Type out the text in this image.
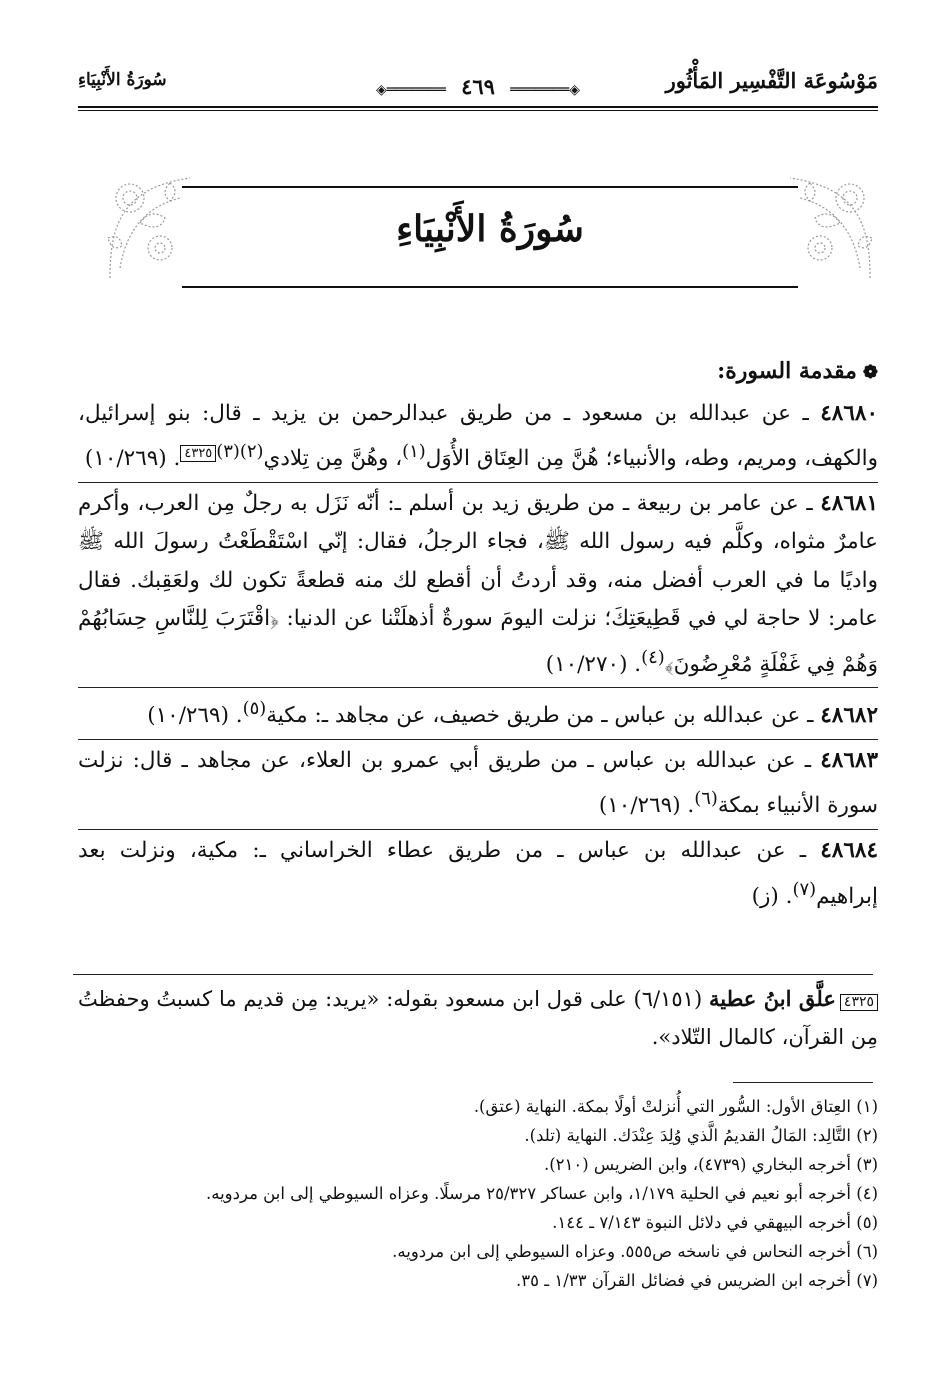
مَوْسُوعَة التَّفْسِير المَأْثُور
◈═══════ ٤٦٩ ═══════◈
سُورَةُ الأَنْبِيَاءِ
سُورَةُ الأَنْبِيَاءِ
❁مقدمة السورة:

٤٨٦٨٠ ـ عن عبدالله بن مسعود ـ من طريق عبدالرحمن بن يزيد ـ قال: بنو إسرائيل، والكهف، ومريم، وطه، والأنبياء؛ هُنَّ مِن العِتَاق الأُوَل$^{(١)}$، وهُنَّ مِن تِلادي$^{(٢)(٣)}$٤٣٢٥. (١٠/٢٦٩)

٤٨٦٨١ ـ عن عامر بن ربيعة ـ من طريق زيد بن أسلم ـ: أنّه نَزَل به رجلٌ مِن العرب، وأكرم عامرٌ مثواه، وكلَّم فيه رسول الله ﷺ، فجاء الرجلُ، فقال: إنّي اسْتَقْطَعْتُ رسولَ الله ﷺ واديًا ما في العرب أفضل منه، وقد أردتُ أن أقطع لك منه قطعةً تكون لك ولعَقِبك. فقال عامر: لا حاجة لي في قَطِيعَتِكَ؛ نزلت اليومَ سورةٌ أذهلَتْنا عن الدنيا: ﴿اقْتَرَبَ لِلنَّاسِ حِسَابُهُمْ وَهُمْ فِي غَفْلَةٍ مُعْرِضُونَ﴾$^{(٤)}$. (١٠/٢٧٠)

٤٨٦٨٢ ـ عن عبدالله بن عباس ـ من طريق خصيف، عن مجاهد ـ: مكية$^{(٥)}$. (١٠/٢٦٩)

٤٨٦٨٣ ـ عن عبدالله بن عباس ـ من طريق أبي عمرو بن العلاء، عن مجاهد ـ قال: نزلت سورة الأنبياء بمكة$^{(٦)}$. (١٠/٢٦٩)

٤٨٦٨٤ ـ عن عبدالله بن عباس ـ من طريق عطاء الخراساني ـ: مكية، ونزلت بعد إبراهيم$^{(٧)}$. (ز)

٤٣٢٥علَّق ابنُ عطية (٦/١٥١) على قول ابن مسعود بقوله: «يريد: مِن قديم ما كسبتُ وحفظتُ مِن القرآن، كالمال التّلاد».
(١) العِتاق الأول: السُّور التي أُنزلتْ أولًا بمكة. النهاية (عتق).
(٢) التَّالِد: المَالُ القديمُ الَّذي وُلِدَ عِنْدَك. النهاية (تلد).
(٣) أخرجه البخاري (٤٧٣٩)، وابن الضريس (٢١٠).
(٤) أخرجه أبو نعيم في الحلية ١/١٧٩، وابن عساكر ٢٥/٣٢٧ مرسلًا. وعزاه السيوطي إلى ابن مردويه.
(٥) أخرجه البيهقي في دلائل النبوة ٧/١٤٣ ـ ١٤٤.
(٦) أخرجه النحاس في ناسخه ص٥٥٥. وعزاه السيوطي إلى ابن مردويه.
(٧) أخرجه ابن الضريس في فضائل القرآن ١/٣٣ ـ ٣٥.
